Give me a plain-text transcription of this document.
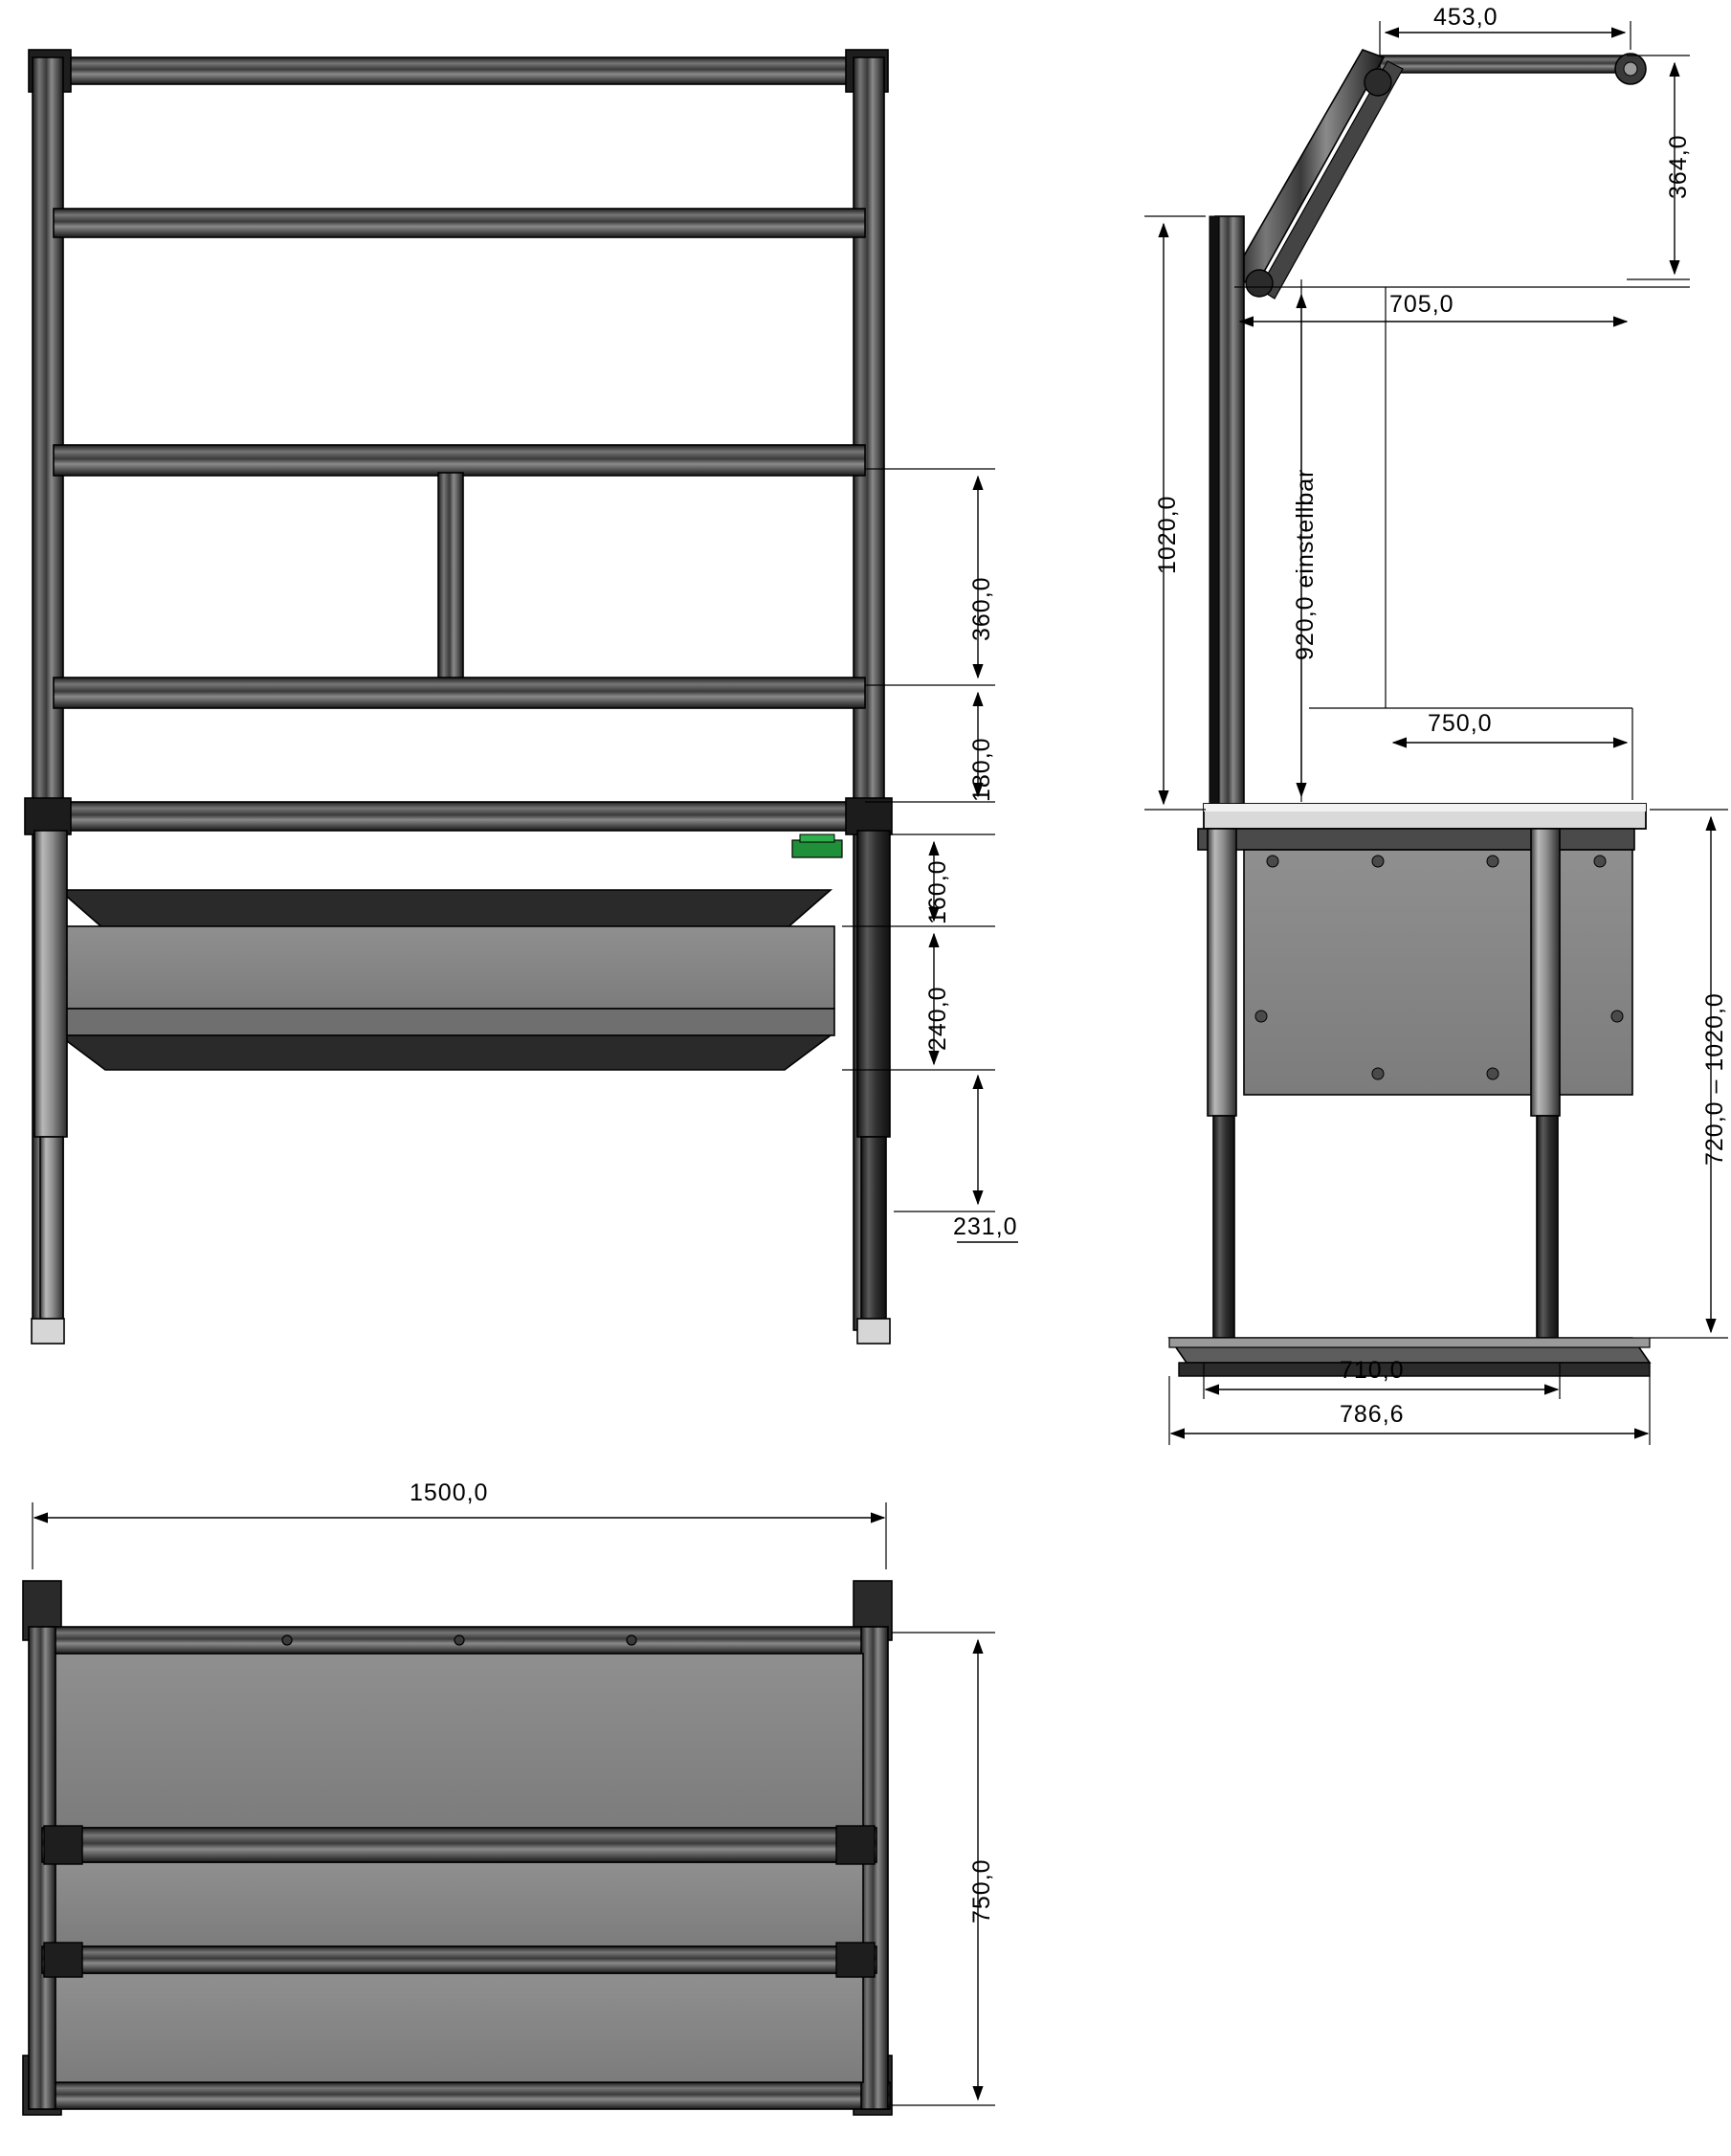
360,0
180,0
160,0
240,0
231,0
453,0
364,0
1020,0
705,0
920,0 einstellbar
750,0
720,0 – 1020,0
710,0
786,6
1500,0
750,0
